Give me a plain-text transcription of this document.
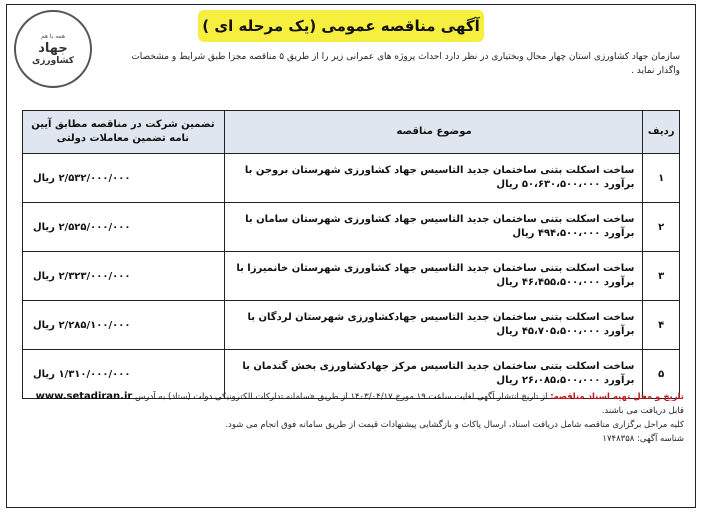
همه با هم
جهاد
کشاورزی
آگهی مناقصه عمومی (یک مرحله ای )
سازمان جهاد کشاورزی استان چهار محال وبختیاری در نظر دارد احداث پروژه های عمرانی زیر را از طریق ۵ مناقصه مجزا طبق شرایط و مشخصات واگذار نماید .
ردیف	موضوع مناقصه	تضمین شرکت در مناقصه مطابق آیین نامه تضمین معاملات دولتی
۱	ساخت اسکلت بتنی ساختمان جدید التاسیس جهاد کشاورزی شهرستان بروجن با برآورد ۵۰،۶۳۰،۵۰۰،۰۰۰ ریال	۲/۵۳۲/۰۰۰/۰۰۰ ریال
۲	ساخت اسکلت بتنی ساختمان جدید التاسیس جهاد کشاورزی شهرستان سامان با برآورد ۴۹۴،۵۰۰،۰۰۰ ریال	۲/۵۲۵/۰۰۰/۰۰۰ ریال
۳	ساخت اسکلت بتنی ساختمان جدید التاسیس جهاد کشاورزی شهرستان خانمیرزا با برآورد ۴۶،۴۵۵،۵۰۰،۰۰۰ ریال	۲/۳۲۳/۰۰۰/۰۰۰ ریال
۴	ساخت اسکلت بتنی ساختمان جدید التاسیس جهادکشاورزی شهرستان لردگان با برآورد ۴۵،۷۰۵،۵۰۰،۰۰۰ ریال	۲/۲۸۵/۱۰۰/۰۰۰ ریال
۵	ساخت اسکلت بتنی ساختمان جدید التاسیس مرکز جهادکشاورزی بخش گندمان با برآورد ۲۶،۰۸۵،۵۰۰،۰۰۰ ریال	۱/۳۱۰/۰۰۰/۰۰۰ ریال
تاریخ و محل تهیه اسناد مناقصه: از تاریخ انتشار آگهی لغایت ساعت ۱۹ مورخ ۱۴۰۳/۰۴/۱۷ از طریق «سامانه تدارکات الکترونیکی دولت (ستاد) به آدرس www.setadiran.ir قابل دریافت می باشند.
کلیه مراحل برگزاری مناقصه شامل دریافت اسناد، ارسال پاکات و بازگشایی پیشنهادات قیمت از طریق سامانه فوق انجام می شود.
شناسه آگهی: ۱۷۴۸۳۵۸
